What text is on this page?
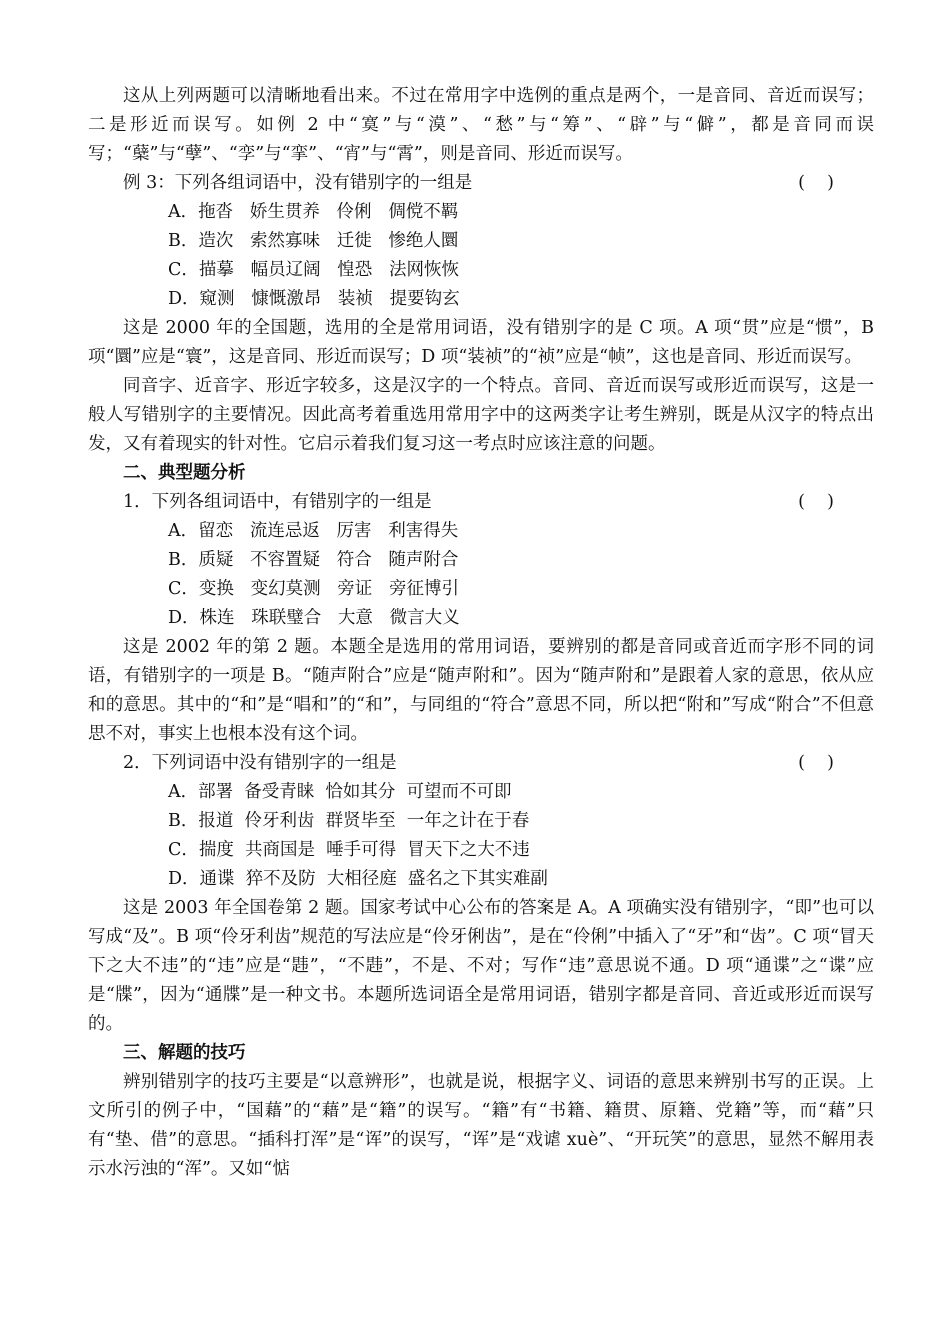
这从上列两题可以清晰地看出来。不过在常用字中选例的重点是两个，一是音同、音近而误写；二是形近而误写。如例 2 中“寞”与“漠”、“愁”与“筹”、“辟”与“僻”，都是音同而误写；“蘖”与“孽”、“孪”与“挛”、“宵”与“霄”，则是音同、形近而误写。

例 3：下列各组词语中，没有错别字的一组是	(    )

A．拖沓   娇生贯养   伶俐   倜傥不羁

B．造次   索然寡味   迁徙   惨绝人圜

C．描摹   幅员辽阔   惶恐   法网恢恢

D．窥测   慷慨激昂   装祯   提要钩玄

这是 2000 年的全国题，选用的全是常用词语，没有错别字的是 C 项。A 项“贯”应是“惯”，B 项“圜”应是“寰”，这是音同、形近而误写；D 项“装祯”的“祯”应是“帧”，这也是音同、形近而误写。

同音字、近音字、形近字较多，这是汉字的一个特点。音同、音近而误写或形近而误写，这是一般人写错别字的主要情况。因此高考着重选用常用字中的这两类字让考生辨别，既是从汉字的特点出发，又有着现实的针对性。它启示着我们复习这一考点时应该注意的问题。

二、典型题分析

1．下列各组词语中，有错别字的一组是	(    )

A．留恋   流连忌返   厉害   利害得失

B．质疑   不容置疑   符合   随声附合

C．变换   变幻莫测   旁证   旁征博引

D．株连   珠联璧合   大意   微言大义

这是 2002 年的第 2 题。本题全是选用的常用词语，要辨别的都是音同或音近而字形不同的词语，有错别字的一项是 B。“随声附合”应是“随声附和”。因为“随声附和”是跟着人家的意思，依从应和的意思。其中的“和”是“唱和”的“和”，与同组的“符合”意思不同，所以把“附和”写成“附合”不但意思不对，事实上也根本没有这个词。

2．下列词语中没有错别字的一组是	(    )

A．部署  备受青睐  恰如其分  可望而不可即

B．报道  伶牙利齿  群贤毕至  一年之计在于春

C．揣度  共商国是  唾手可得  冒天下之大不违

D．通谍  猝不及防  大相径庭  盛名之下其实难副

这是 2003 年全国卷第 2 题。国家考试中心公布的答案是 A。A 项确实没有错别字，“即”也可以写成“及”。B 项“伶牙利齿”规范的写法应是“伶牙俐齿”，是在“伶俐”中插入了“牙”和“齿”。C 项“冒天下之大不违”的“违”应是“韪”，“不韪”，不是、不对；写作“违”意思说不通。D 项“通谍”之“谍”应是“牒”，因为“通牒”是一种文书。本题所选词语全是常用词语，错别字都是音同、音近或形近而误写的。

三、解题的技巧

辨别错别字的技巧主要是“以意辨形”，也就是说，根据字义、词语的意思来辨别书写的正误。上文所引的例子中，“国藉”的“藉”是“籍”的误写。“籍”有“书籍、籍贯、原籍、党籍”等，而“藉”只有“垫、借”的意思。“插科打浑”是“诨”的误写，“诨”是“戏谑 xuè”、“开玩笑”的意思，显然不解用表示水污浊的“浑”。又如“惦
